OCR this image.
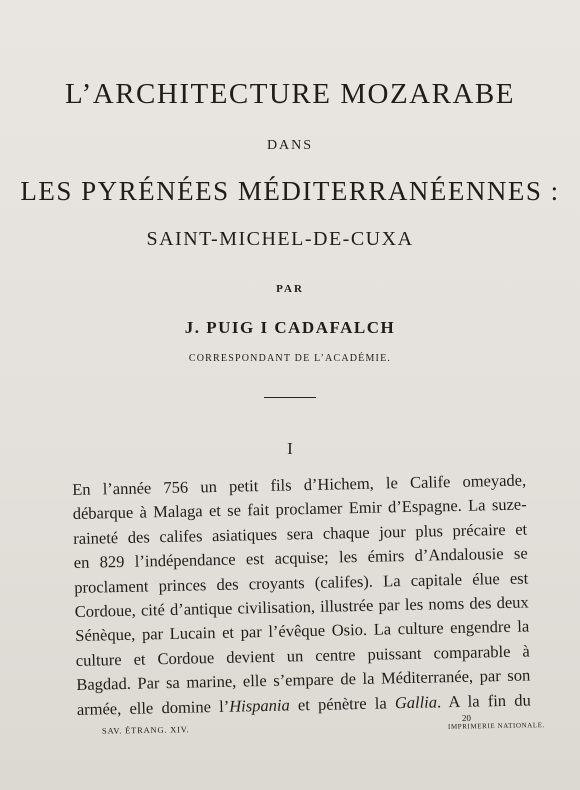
L’ARCHITECTURE MOZARABE
DANS
LES PYRÉNÉES MÉDITERRANÉENNES :
SAINT-MICHEL-DE-CUXA
PAR
J. PUIG I CADAFALCH
CORRESPONDANT DE L’ACADÉMIE.
I
En l’année 756 un petit fils d’Hichem, le Calife omeyade,
débarque à Malaga et se fait proclamer Emir d’Espagne. La suze-
raineté des califes asiatiques sera chaque jour plus précaire et
en 829 l’indépendance est acquise; les émirs d’Andalousie se
proclament princes des croyants (califes). La capitale élue est
Cordoue, cité d’antique civilisation, illustrée par les noms des deux
Sénèque, par Lucain et par l’évêque Osio. La culture engendre la
culture et Cordoue devient un centre puissant comparable à
Bagdad. Par sa marine, elle s’empare de la Méditerranée, par son
armée, elle domine l’Hispania et pénètre la Gallia. A la fin du
SAV. ÉTRANG. XIV.
20
IMPRIMERIE NATIONALE.
